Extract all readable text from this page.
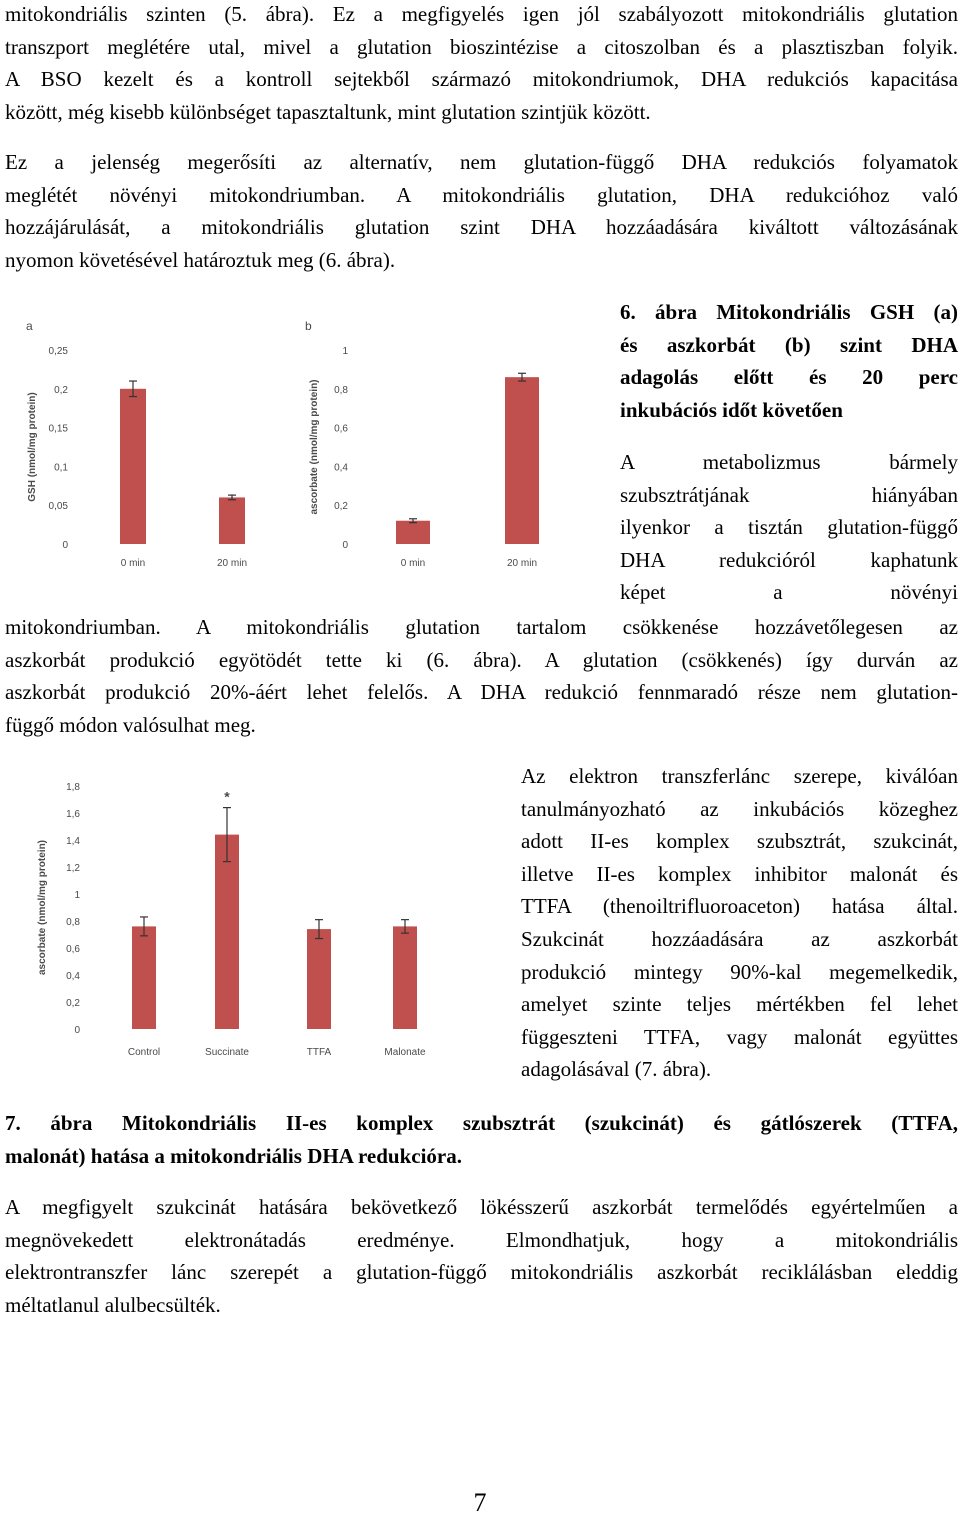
mitokondriális szinten (5. ábra). Ez a megfigyelés igen jól szabályozott mitokondriális glutation
transzport meglétére utal, mivel a glutation bioszintézise a citoszolban és a plasztiszban folyik.
A BSO kezelt és a kontroll sejtekből származó mitokondriumok, DHA redukciós kapacitása
között, még kisebb különbséget tapasztaltunk, mint glutation szintjük között.
Ez a jelenség megerősíti az alternatív, nem glutation-függő DHA redukciós folyamatok
meglétét növényi mitokondriumban. A mitokondriális glutation, DHA redukcióhoz való
hozzájárulását, a mitokondriális glutation szint DHA hozzáadására kiváltott változásának
nyomon követésével határoztuk meg (6. ábra).
a
GSH (nmol/mg protein)
0
0,05
0,1
0,15
0,2
0,25
0 min	20 min
b
ascorbate (nmol/mg protein)
0
0,2
0,4
0,6
0,8
1
0 min	20 min
6. ábra Mitokondriális GSH (a)
és aszkorbát (b) szint DHA
adagolás előtt és 20 perc
inkubációs időt követően
A metabolizmus bármely
szubsztrátjának hiányában
ilyenkor a tisztán glutation-függő
DHA redukcióról kaphatunk
képet a növényi
mitokondriumban. A mitokondriális glutation tartalom csökkenése hozzávetőlegesen az
aszkorbát produkció egyötödét tette ki (6. ábra). A glutation (csökkenés) így durván az
aszkorbát produkció 20%-áért lehet felelős. A DHA redukció fennmaradó része nem glutation-
függő módon valósulhat meg.
ascorbate (nmol/mg protein)
0
0,2
0,4
0,6
0,8
1
1,2
1,4
1,6
1,8
Control
*
Succinate	TTFA	Malonate
Az elektron transzferlánc szerepe, kiválóan
tanulmányozható az inkubációs közeghez
adott II-es komplex szubsztrát, szukcinát,
illetve II-es komplex inhibitor malonát és
TTFA (thenoiltrifluoroaceton) hatása által.
Szukcinát hozzáadására az aszkorbát
produkció mintegy 90%-kal megemelkedik,
amelyet szinte teljes mértékben fel lehet
függeszteni TTFA, vagy malonát együttes
adagolásával (7. ábra).
7. ábra Mitokondriális II-es komplex szubsztrát (szukcinát) és gátlószerek (TTFA,
malonát) hatása a mitokondriális DHA redukcióra.
A megfigyelt szukcinát hatására bekövetkező lökésszerű aszkorbát termelődés egyértelműen a
megnövekedett elektronátadás eredménye. Elmondhatjuk, hogy a mitokondriális
elektrontranszfer lánc szerepét a glutation-függő mitokondriális aszkorbát reciklálásban eleddig
méltatlanul alulbecsülték.
7
